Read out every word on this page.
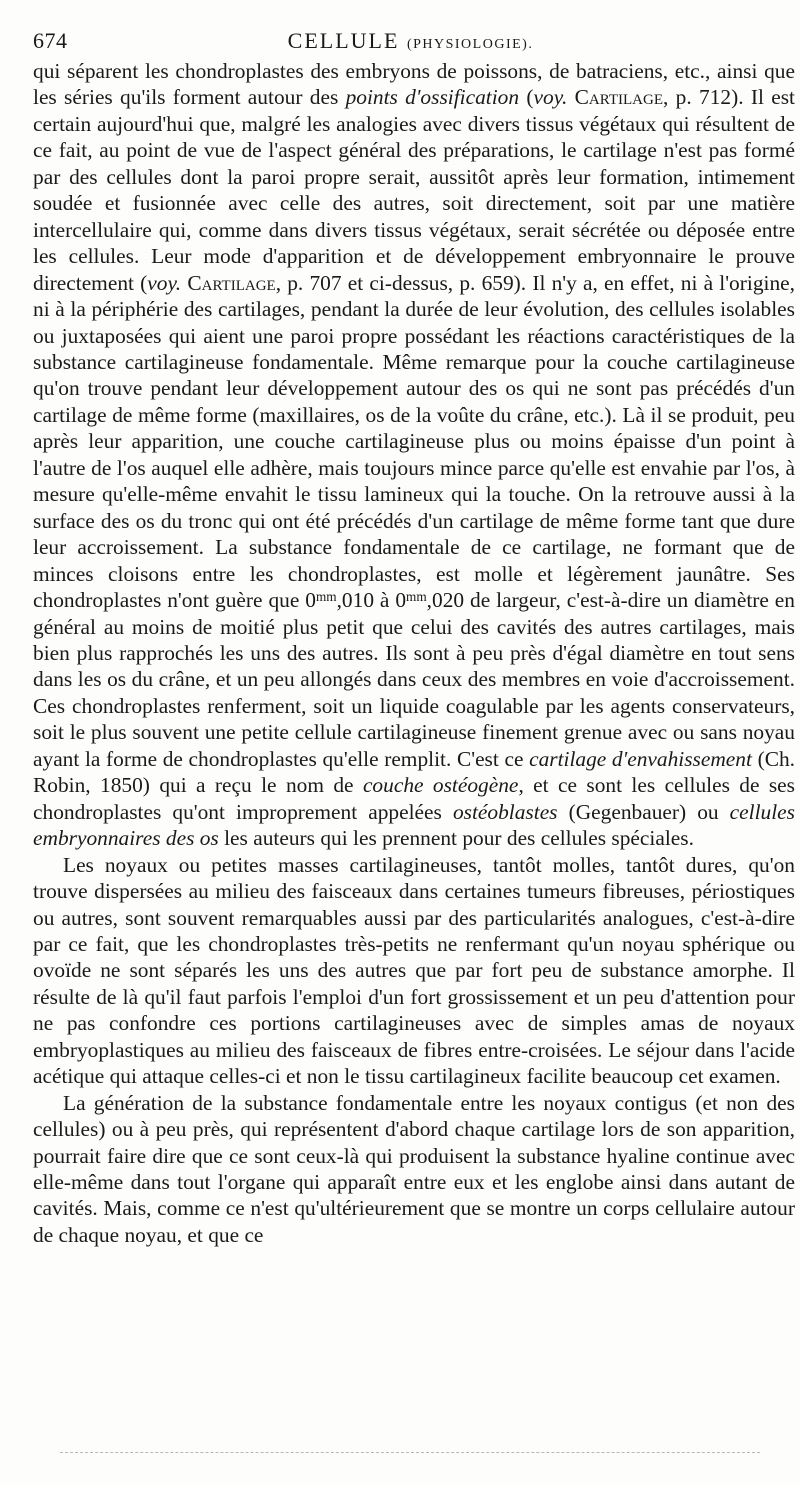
674	CELLULE (PHYSIOLOGIE).

qui séparent les chondroplastes des embryons de poissons, de batraciens, etc., ainsi que les séries qu'ils forment autour des points d'ossification (voy. Cartilage, p. 712). Il est certain aujourd'hui que, malgré les analogies avec divers tissus végétaux qui résultent de ce fait, au point de vue de l'aspect général des préparations, le cartilage n'est pas formé par des cellules dont la paroi propre serait, aussitôt après leur formation, intimement soudée et fusionnée avec celle des autres, soit directement, soit par une matière intercellulaire qui, comme dans divers tissus végétaux, serait sécrétée ou déposée entre les cellules. Leur mode d'apparition et de développement embryonnaire le prouve directement (voy. Cartilage, p. 707 et ci-dessus, p. 659). Il n'y a, en effet, ni à l'origine, ni à la périphérie des cartilages, pendant la durée de leur évolution, des cellules isolables ou juxtaposées qui aient une paroi propre possédant les réactions caractéristiques de la substance cartilagineuse fondamentale. Même remarque pour la couche cartilagineuse qu'on trouve pendant leur développement autour des os qui ne sont pas précédés d'un cartilage de même forme (maxillaires, os de la voûte du crâne, etc.). Là il se produit, peu après leur apparition, une couche cartilagineuse plus ou moins épaisse d'un point à l'autre de l'os auquel elle adhère, mais toujours mince parce qu'elle est envahie par l'os, à mesure qu'elle-même envahit le tissu lamineux qui la touche. On la retrouve aussi à la surface des os du tronc qui ont été précédés d'un cartilage de même forme tant que dure leur accroissement. La substance fondamentale de ce cartilage, ne formant que de minces cloisons entre les chondroplastes, est molle et légèrement jaunâtre. Ses chondroplastes n'ont guère que $0^{mm},010$ à $0^{mm},020$ de largeur, c'est-à-dire un diamètre en général au moins de moitié plus petit que celui des cavités des autres cartilages, mais bien plus rapprochés les uns des autres. Ils sont à peu près d'égal diamètre en tout sens dans les os du crâne, et un peu allongés dans ceux des membres en voie d'accroissement. Ces chondroplastes renferment, soit un liquide coagulable par les agents conservateurs, soit le plus souvent une petite cellule cartilagineuse finement grenue avec ou sans noyau ayant la forme de chondroplastes qu'elle remplit. C'est ce cartilage d'envahissement (Ch. Robin, 1850) qui a reçu le nom de couche ostéogène, et ce sont les cellules de ses chondroplastes qu'ont improprement appelées ostéoblastes (Gegenbauer) ou cellules embryonnaires des os les auteurs qui les prennent pour des cellules spéciales.

Les noyaux ou petites masses cartilagineuses, tantôt molles, tantôt dures, qu'on trouve dispersées au milieu des faisceaux dans certaines tumeurs fibreuses, périostiques ou autres, sont souvent remarquables aussi par des particularités analogues, c'est-à-dire par ce fait, que les chondroplastes très-petits ne renfermant qu'un noyau sphérique ou ovoïde ne sont séparés les uns des autres que par fort peu de substance amorphe. Il résulte de là qu'il faut parfois l'emploi d'un fort grossissement et un peu d'attention pour ne pas confondre ces portions cartilagineuses avec de simples amas de noyaux embryoplastiques au milieu des faisceaux de fibres entre-croisées. Le séjour dans l'acide acétique qui attaque celles-ci et non le tissu cartilagineux facilite beaucoup cet examen.

La génération de la substance fondamentale entre les noyaux contigus (et non des cellules) ou à peu près, qui représentent d'abord chaque cartilage lors de son apparition, pourrait faire dire que ce sont ceux-là qui produisent la substance hyaline continue avec elle-même dans tout l'organe qui apparaît entre eux et les englobe ainsi dans autant de cavités. Mais, comme ce n'est qu'ultérieurement que se montre un corps cellulaire autour de chaque noyau, et que ce
